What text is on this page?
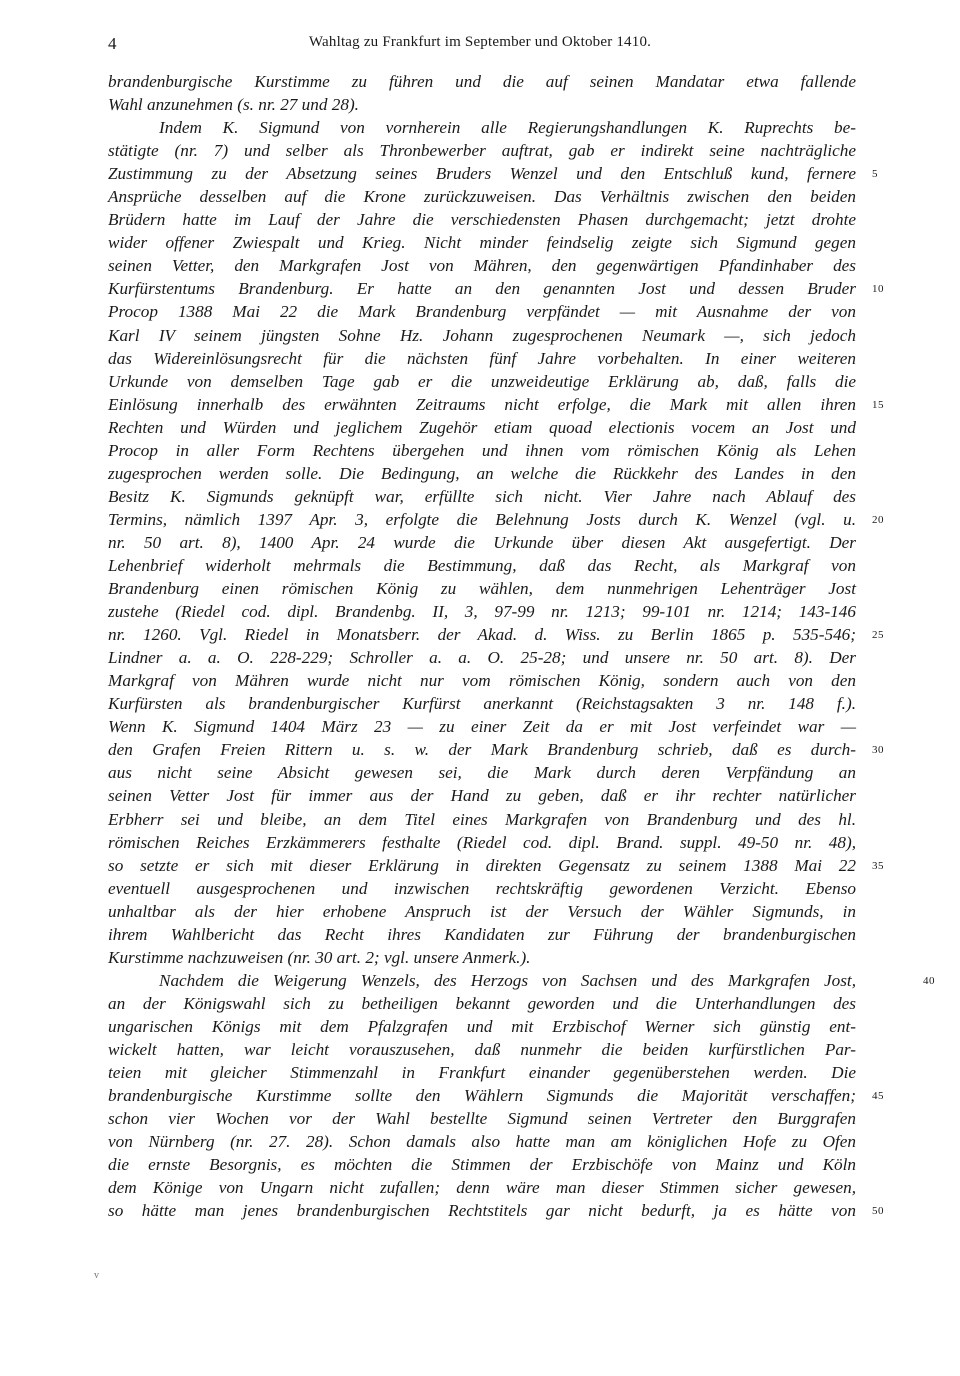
4	Wahltag zu Frankfurt im September und Oktober 1410.
brandenburgische Kurstimme zu führen und die auf seinen Mandatar etwa fallende
Wahl anzunehmen (s. nr. 27 und 28).
Indem K. Sigmund von vornherein alle Regierungshandlungen K. Ruprechts be-
stätigte (nr. 7) und selber als Thronbewerber auftrat, gab er indirekt seine nachträgliche
Zustimmung zu der Absetzung seines Bruders Wenzel und den Entschluß kund, fernere 5
Ansprüche desselben auf die Krone zurückzuweisen. Das Verhältnis zwischen den beiden
Brüdern hatte im Lauf der Jahre die verschiedensten Phasen durchgemacht; jetzt drohte
wider offener Zwiespalt und Krieg. Nicht minder feindselig zeigte sich Sigmund gegen
seinen Vetter, den Markgrafen Jost von Mähren, den gegenwärtigen Pfandinhaber des
Kurfürstentums Brandenburg. Er hatte an den genannten Jost und dessen Bruder 10
Procop 1388 Mai 22 die Mark Brandenburg verpfändet — mit Ausnahme der von
Karl IV seinem jüngsten Sohne Hz. Johann zugesprochenen Neumark —, sich jedoch
das Widereinlösungsrecht für die nächsten fünf Jahre vorbehalten. In einer weiteren
Urkunde von demselben Tage gab er die unzweideutige Erklärung ab, daß, falls die
Einlösung innerhalb des erwähnten Zeitraums nicht erfolge, die Mark mit allen ihren 15
Rechten und Würden und jeglichem Zugehör etiam quoad electionis vocem an Jost und
Procop in aller Form Rechtens übergehen und ihnen vom römischen König als Lehen
zugesprochen werden solle. Die Bedingung, an welche die Rückkehr des Landes in den
Besitz K. Sigmunds geknüpft war, erfüllte sich nicht. Vier Jahre nach Ablauf des
Termins, nämlich 1397 Apr. 3, erfolgte die Belehnung Josts durch K. Wenzel (vgl. u. 20
nr. 50 art. 8), 1400 Apr. 24 wurde die Urkunde über diesen Akt ausgefertigt. Der
Lehenbrief widerholt mehrmals die Bestimmung, daß das Recht, als Markgraf von
Brandenburg einen römischen König zu wählen, dem nunmehrigen Lehenträger Jost
zustehe (Riedel cod. dipl. Brandenbg. II, 3, 97-99 nr. 1213; 99-101 nr. 1214; 143-146
nr. 1260. Vgl. Riedel in Monatsberr. der Akad. d. Wiss. zu Berlin 1865 p. 535-546; 25
Lindner a. a. O. 228-229; Schroller a. a. O. 25-28; und unsere nr. 50 art. 8). Der
Markgraf von Mähren wurde nicht nur vom römischen König, sondern auch von den
Kurfürsten als brandenburgischer Kurfürst anerkannt (Reichstagsakten 3 nr. 148 f.).
Wenn K. Sigmund 1404 März 23 — zu einer Zeit da er mit Jost verfeindet war —
den Grafen Freien Rittern u. s. w. der Mark Brandenburg schrieb, daß es durch- 30
aus nicht seine Absicht gewesen sei, die Mark durch deren Verpfändung an
seinen Vetter Jost für immer aus der Hand zu geben, daß er ihr rechter natürlicher
Erbherr sei und bleibe, an dem Titel eines Markgrafen von Brandenburg und des hl.
römischen Reiches Erzkämmerers festhalte (Riedel cod. dipl. Brand. suppl. 49-50 nr. 48),
so setzte er sich mit dieser Erklärung in direkten Gegensatz zu seinem 1388 Mai 22 35
eventuell ausgesprochenen und inzwischen rechtskräftig gewordenen Verzicht. Ebenso
unhaltbar als der hier erhobene Anspruch ist der Versuch der Wähler Sigmunds, in
ihrem Wahlbericht das Recht ihres Kandidaten zur Führung der brandenburgischen
Kurstimme nachzuweisen (nr. 30 art. 2; vgl. unsere Anmerk.).
Nachdem die Weigerung Wenzels, des Herzogs von Sachsen und des Markgrafen Jost,	40
an der Königswahl sich zu betheiligen bekannt geworden und die Unterhandlungen des
ungarischen Königs mit dem Pfalzgrafen und mit Erzbischof Werner sich günstig ent-
wickelt hatten, war leicht vorauszusehen, daß nunmehr die beiden kurfürstlichen Par-
teien mit gleicher Stimmenzahl in Frankfurt einander gegenüberstehen werden. Die
brandenburgische Kurstimme sollte den Wählern Sigmunds die Majorität verschaffen; 45
schon vier Wochen vor der Wahl bestellte Sigmund seinen Vertreter den Burggrafen
von Nürnberg (nr. 27. 28). Schon damals also hatte man am königlichen Hofe zu Ofen
die ernste Besorgnis, es möchten die Stimmen der Erzbischöfe von Mainz und Köln
dem Könige von Ungarn nicht zufallen; denn wäre man dieser Stimmen sicher gewesen,
so hätte man jenes brandenburgischen Rechtstitels gar nicht bedurft, ja es hätte von 50
v
